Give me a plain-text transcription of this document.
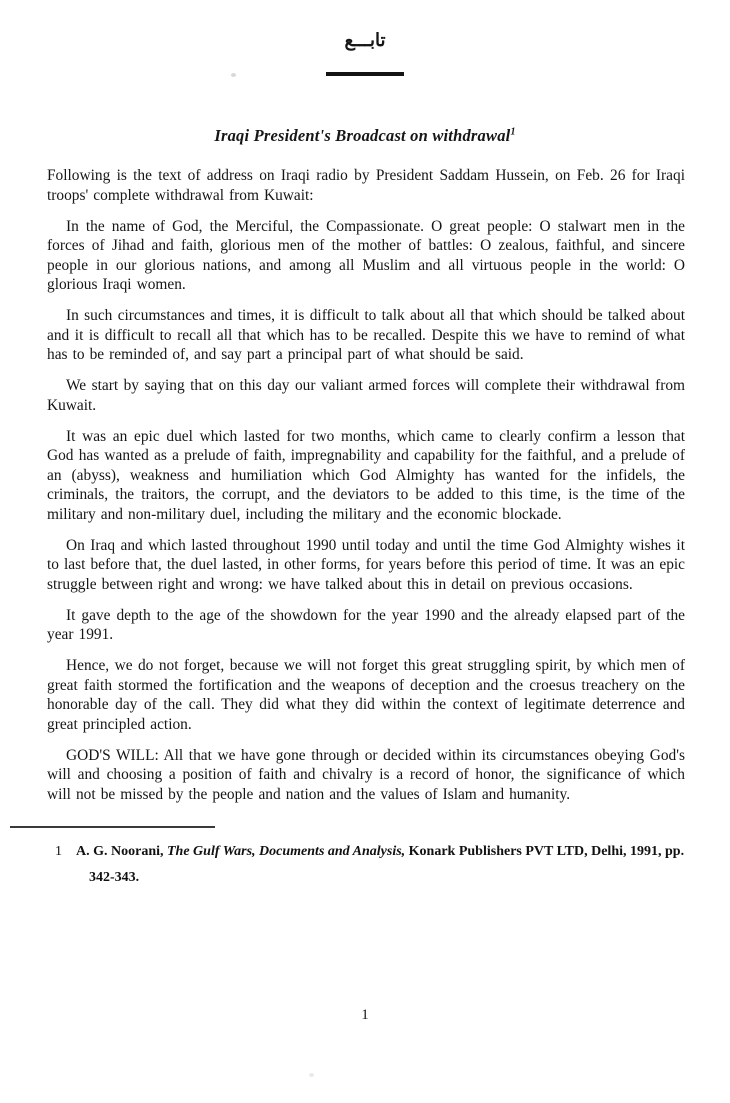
تابـــع
Iraqi President's Broadcast on withdrawal$^1$

Following is the text of address on Iraqi radio by President Saddam Hussein, on Feb. 26 for Iraqi troops' complete withdrawal from Kuwait:

In the name of God, the Merciful, the Compassionate. O great people: O stalwart men in the forces of Jihad and faith, glorious men of the mother of battles: O zealous, faithful, and sincere people in our glorious nations, and among all Muslim and all virtuous people in the world: O glorious Iraqi women.

In such circumstances and times, it is difficult to talk about all that which should be talked about and it is difficult to recall all that which has to be recalled. Despite this we have to remind of what has to be reminded of, and say part a principal part of what should be said.

We start by saying that on this day our valiant armed forces will complete their withdrawal from Kuwait.

It was an epic duel which lasted for two months, which came to clearly confirm a lesson that God has wanted as a prelude of faith, impregnability and capability for the faithful, and a prelude of an (abyss), weakness and humiliation which God Almighty has wanted for the infidels, the criminals, the traitors, the corrupt, and the deviators to be added to this time, is the time of the military and non-military duel, including the military and the economic blockade.

On Iraq and which lasted throughout 1990 until today and until the time God Almighty wishes it to last before that, the duel lasted, in other forms, for years before this period of time. It was an epic struggle between right and wrong: we have talked about this in detail on previous occasions.

It gave depth to the age of the showdown for the year 1990 and the already elapsed part of the year 1991.

Hence, we do not forget, because we will not forget this great struggling spirit, by which men of great faith stormed the fortification and the weapons of deception and the croesus treachery on the honorable day of the call. They did what they did within the context of legitimate deterrence and great principled action.

GOD'S WILL: All that we have gone through or decided within its circumstances obeying God's will and choosing a position of faith and chivalry is a record of honor, the significance of which will not be missed by the people and nation and the values of Islam and humanity.

1 A. G. Noorani, The Gulf Wars, Documents and Analysis, Konark Publishers PVT LTD, Delhi, 1991, pp. 342-343.

1
